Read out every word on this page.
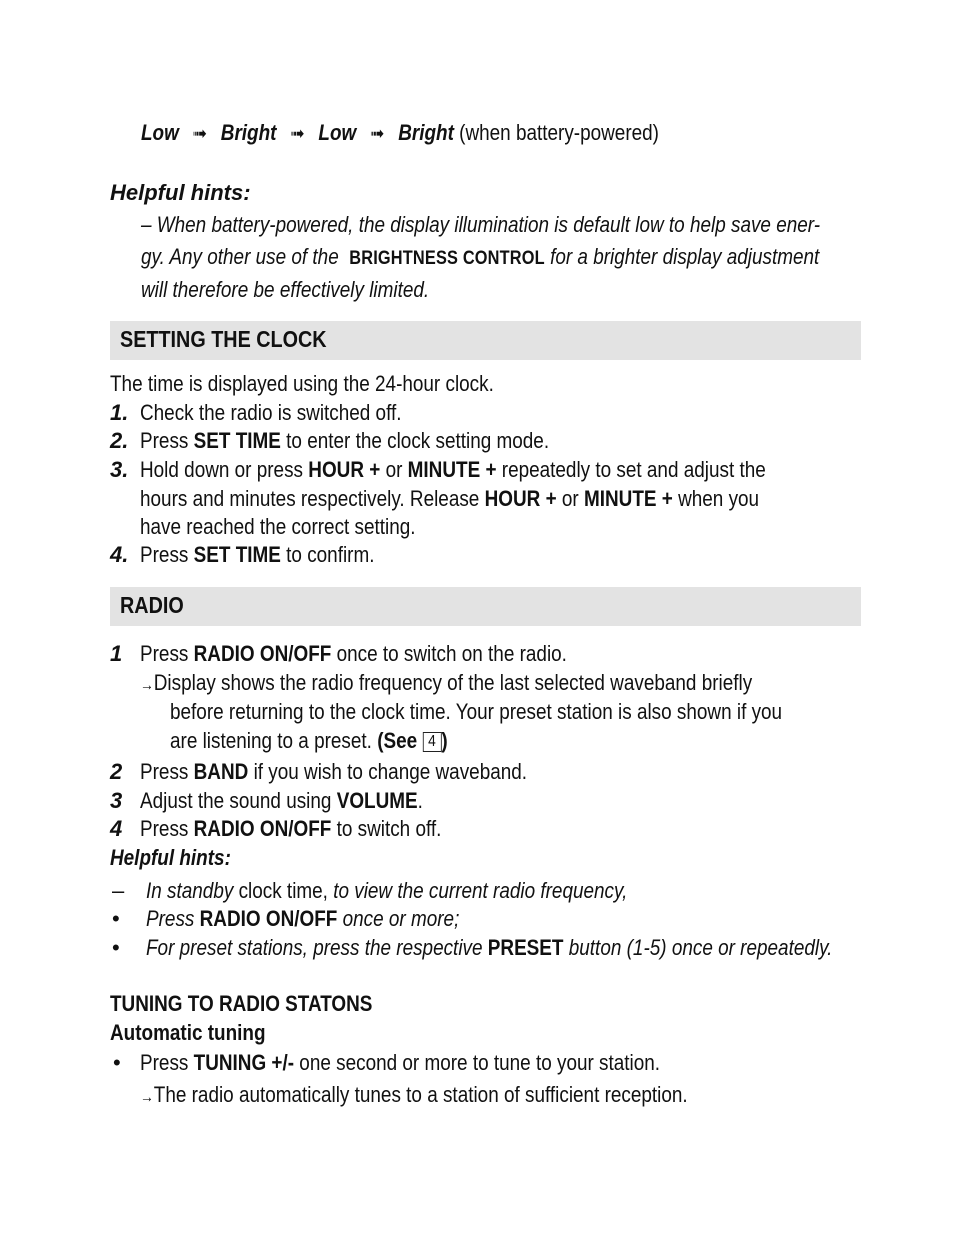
Low ➟ Bright ➟ Low ➟ Bright (when battery-powered)
Helpful hints:
– When battery-powered, the display illumination is default low to help save ener-
gy. Any other use of the BRIGHTNESS CONTROL for a brighter display adjustment
will therefore be effectively limited.
SETTING THE CLOCK
The time is displayed using the 24-hour clock.
1. Check the radio is switched off.
2. Press SET TIME to enter the clock setting mode.
3. Hold down or press HOUR + or MINUTE + repeatedly to set and adjust the
hours and minutes respectively. Release HOUR + or MINUTE + when you
have reached the correct setting.
4. Press SET TIME to confirm.
RADIO
1 Press RADIO ON/OFF once to switch on the radio.
→Display shows the radio frequency of the last selected waveband briefly
before returning to the clock time. Your preset station is also shown if you
are listening to a preset. (See 4 )
2 Press BAND if you wish to change waveband.
3 Adjust the sound using VOLUME.
4 Press RADIO ON/OFF to switch off.
Helpful hints:
– In standby clock time, to view the current radio frequency,
• Press RADIO ON/OFF once or more;
• For preset stations, press the respective PRESET button (1-5) once or repeatedly.
TUNING TO RADIO STATONS
Automatic tuning
• Press TUNING +/- one second or more to tune to your station.
→The radio automatically tunes to a station of sufficient reception.
